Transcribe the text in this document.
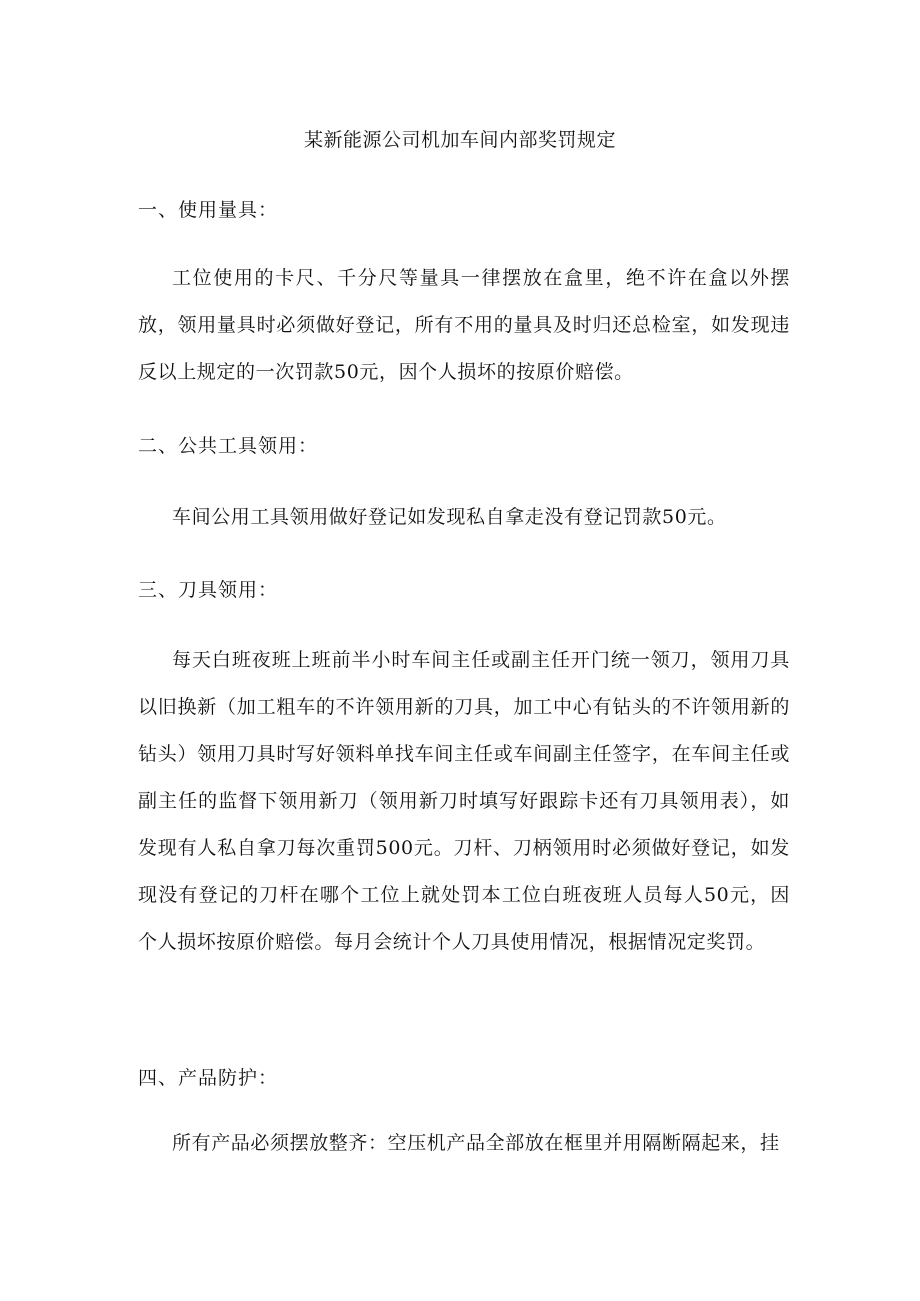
某新能源公司机加车间内部奖罚规定
一、使用量具：

工位使用的卡尺、千分尺等量具一律摆放在盒里，绝不许在盒以外摆放，领用量具时必须做好登记，所有不用的量具及时归还总检室，如发现违反以上规定的一次罚款50元，因个人损坏的按原价赔偿。

二、公共工具领用：

车间公用工具领用做好登记如发现私自拿走没有登记罚款50元。

三、刀具领用：

每天白班夜班上班前半小时车间主任或副主任开门统一领刀，领用刀具以旧换新（加工粗车的不许领用新的刀具，加工中心有钻头的不许领用新的钻头）领用刀具时写好领料单找车间主任或车间副主任签字，在车间主任或副主任的监督下领用新刀（领用新刀时填写好跟踪卡还有刀具领用表），如发现有人私自拿刀每次重罚500元。刀杆、刀柄领用时必须做好登记，如发现没有登记的刀杆在哪个工位上就处罚本工位白班夜班人员每人50元，因个人损坏按原价赔偿。每月会统计个人刀具使用情况，根据情况定奖罚。

四、产品防护：

所有产品必须摆放整齐：空压机产品全部放在框里并用隔断隔起来，挂
